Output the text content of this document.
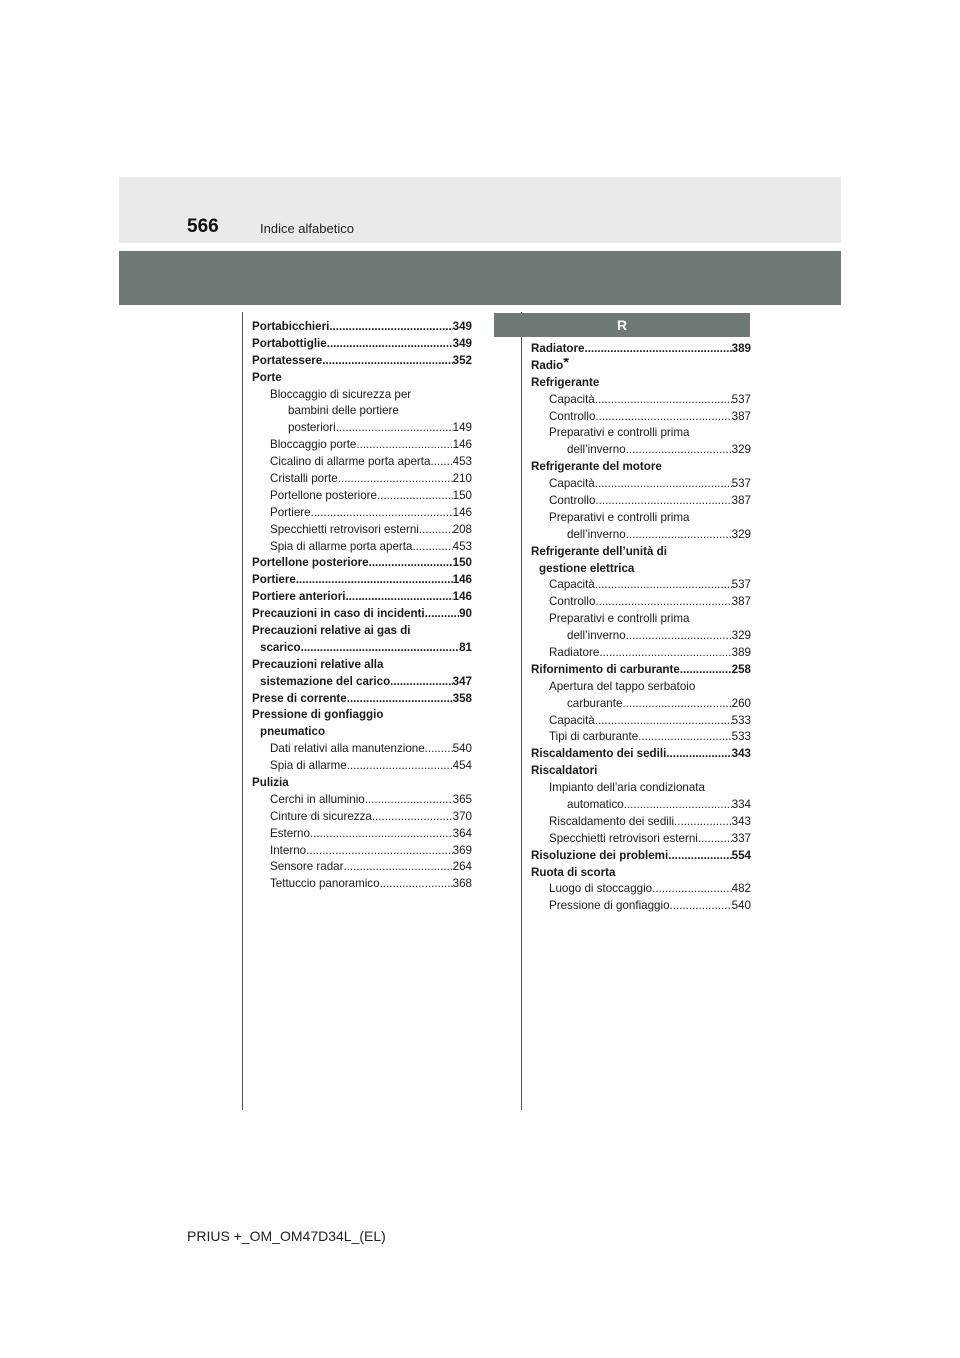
566	Indice alfabetico
R
Portabicchieri .....	349
Portabottiglie .....	349
Portatessere .....	352
Porte
Bloccaggio di sicurezza per
bambini delle portiere
posteriori .....	149
Bloccaggio porte .....	146
Cicalino di allarme porta aperta ..... 453
Cristalli porte .....	210
Portellone posteriore .....	150
Portiere .....	146
Specchietti retrovisori esterni .....	208
Spia di allarme porta aperta .....	453
Portellone posteriore .....	150
Portiere .....	146
Portiere anteriori .....	146
Precauzioni in caso di incidenti .....	90
Precauzioni relative ai gas di
scarico .....	81
Precauzioni relative alla
sistemazione del carico .....	347
Prese di corrente .....	358
Pressione di gonfiaggio
pneumatico
Dati relativi alla manutenzione ..... 540
Spia di allarme .....	454
Pulizia
Cerchi in alluminio .....	365
Cinture di sicurezza .....	370
Esterno .....	364
Interno .....	369
Sensore radar .....	264
Tettuccio panoramico .....	368
Radiatore .....	389
Radio*
Refrigerante
Capacità .....	537
Controllo .....	387
Preparativi e controlli prima
dell’inverno .....	329
Refrigerante del motore
Capacità .....	537
Controllo .....	387
Preparativi e controlli prima
dell’inverno .....	329
Refrigerante dell’unità di
gestione elettrica
Capacità .....	537
Controllo .....	387
Preparativi e controlli prima
dell’inverno .....	329
Radiatore .....	389
Rifornimento di carburante .....	258
Apertura del tappo serbatoio
carburante .....	260
Capacità .....	533
Tipi di carburante .....	533
Riscaldamento dei sedili .....	343
Riscaldatori
Impianto dell’aria condizionata
automatico .....	334
Riscaldamento dei sedili .....	343
Specchietti retrovisori esterni .....	337
Risoluzione dei problemi .....	554
Ruota di scorta
Luogo di stoccaggio .....	482
Pressione di gonfiaggio .....	540
PRIUS +_OM_OM47D34L_(EL)
